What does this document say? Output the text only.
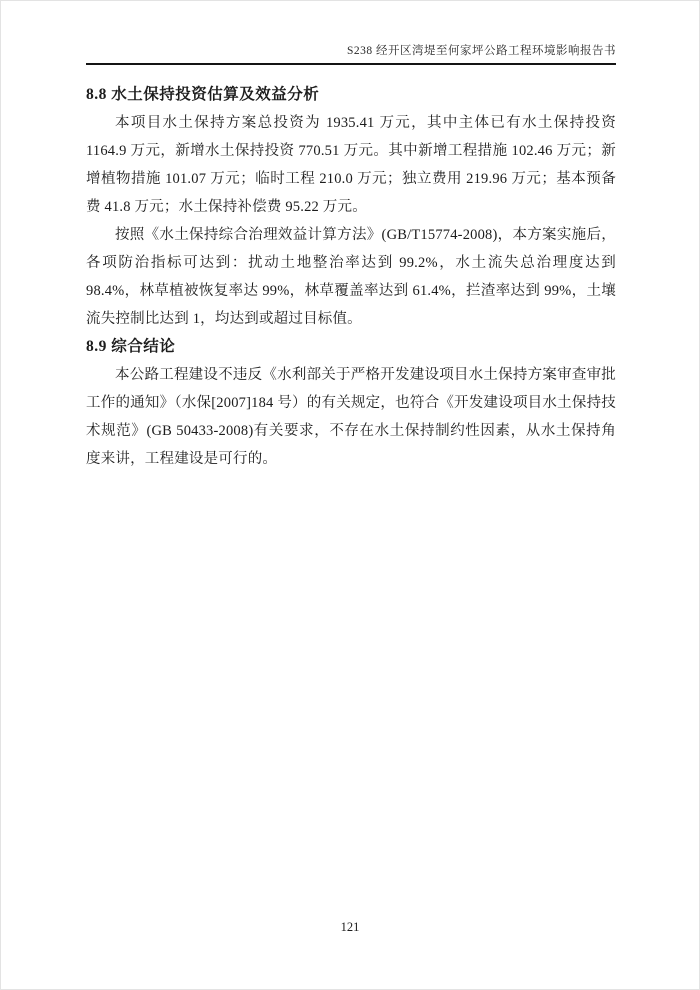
S238 经开区湾堤至何家坪公路工程环境影响报告书
8.8 水土保持投资估算及效益分析

本项目水土保持方案总投资为 1935.41 万元，其中主体已有水土保持投资 1164.9 万元，新增水土保持投资 770.51 万元。其中新增工程措施 102.46 万元；新增植物措施 101.07 万元；临时工程 210.0 万元；独立费用 219.96 万元；基本预备费 41.8 万元；水土保持补偿费 95.22 万元。

按照《水土保持综合治理效益计算方法》(GB/T15774-2008)，本方案实施后，各项防治指标可达到：扰动土地整治率达到 99.2%，水土流失总治理度达到 98.4%，林草植被恢复率达 99%，林草覆盖率达到 61.4%，拦渣率达到 99%，土壤流失控制比达到 1，均达到或超过目标值。

8.9 综合结论

本公路工程建设不违反《水利部关于严格开发建设项目水土保持方案审查审批工作的通知》（水保[2007]184 号）的有关规定，也符合《开发建设项目水土保持技术规范》(GB 50433-2008)有关要求，不存在水土保持制约性因素，从水土保持角度来讲，工程建设是可行的。

121
